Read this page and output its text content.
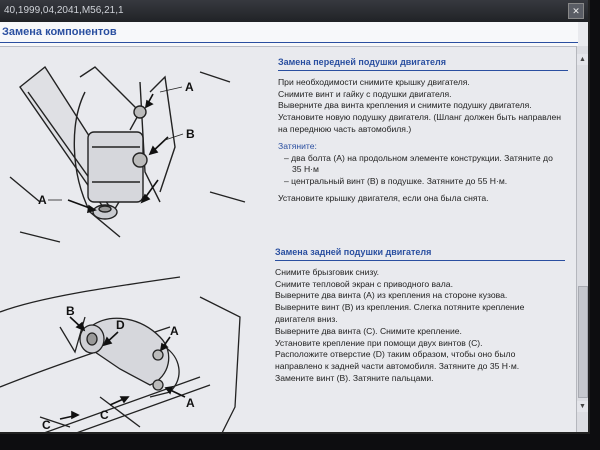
40,1999,04,2041,M56,21,1	✕
Замена компонентов
▲
▼
A
B
A
B
D	A
C
C
A
Замена передней подушки двигателя
При необходимости снимите крышку двигателя.
Снимите винт и гайку с подушки двигателя.
Выверните два винта крепления и снимите подушку двигателя.
Установите новую подушку двигателя. (Шланг должен быть направлен
на переднюю часть автомобиля.)
Затяните:
– два болта (А) на продольном элементе конструкции. Затяните до
35 Н·м
– центральный винт (В) в подушке. Затяните до 55 Н·м.
Установите крышку двигателя, если она была снята.
Замена задней подушки двигателя
Снимите брызговик снизу.
Снимите тепловой экран с приводного вала.
Выверните два винта (А) из крепления на стороне кузова.
Выверните винт (В) из крепления. Слегка потяните крепление
двигателя вниз.
Выверните два винта (C). Снимите крепление.
Установите крепление при помощи двух винтов (C).
Расположите отверстие (D) таким образом, чтобы оно было
направлено к задней части автомобиля. Затяните до 35 Н·м.
Замените винт (В). Затяните пальцами.
